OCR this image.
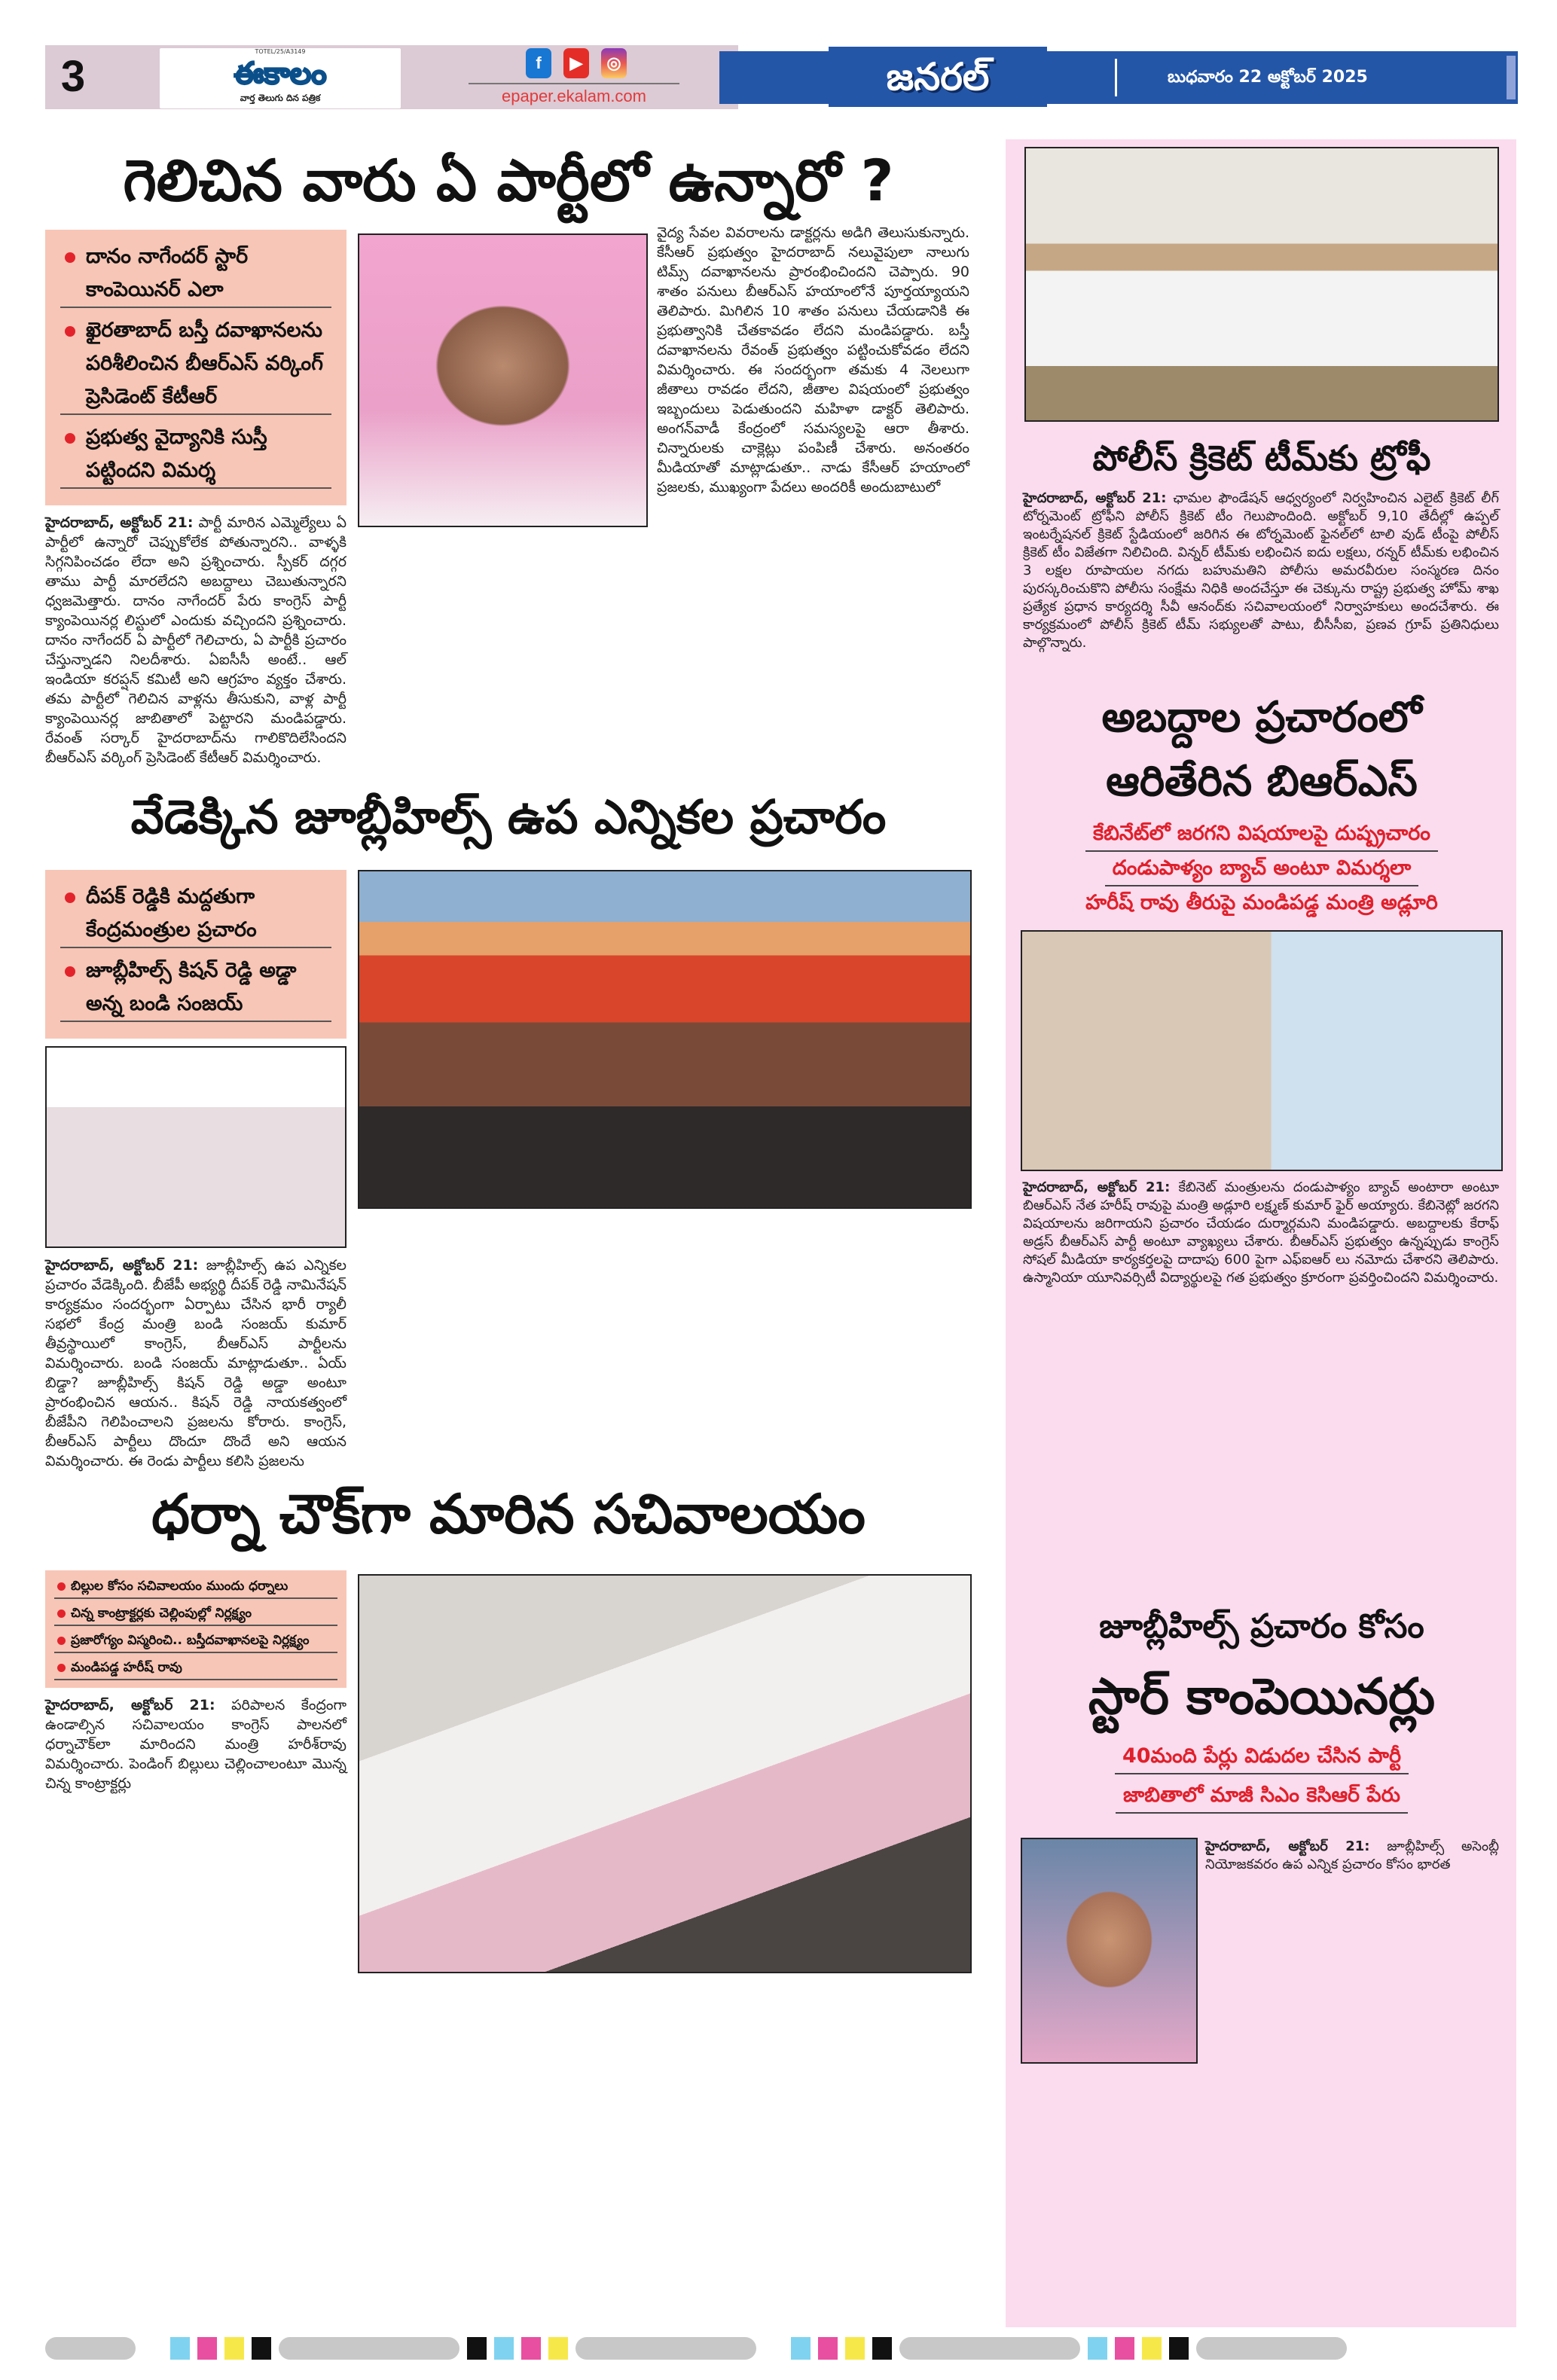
3
TOTEL/25/A3149
ఈకాలం
వార్త తెలుగు దిన పత్రిక
f	▶	◎
epaper.ekalam.com	జనరల్	బుధవారం 22 అక్టోబర్ 2025
గెలిచిన వారు ఏ పార్టీలో ఉన్నారో ?
దానం నాగేందర్ స్టార్ కాంపెయినర్ ఎలా
ఖైరతాబాద్ బస్తీ దవాఖానలను పరిశీలించిన బీఆర్ఎస్ వర్కింగ్ ప్రెసిడెంట్ కేటీఆర్
ప్రభుత్వ వైద్యానికి సుస్తీ పట్టిందని విమర్శ
హైదరాబాద్, అక్టోబర్ 21: పార్టీ మారిన ఎమ్మెల్యేలు ఏ పార్టీలో ఉన్నారో చెప్పుకోలేక పోతున్నారని.. వాళ్ళకి సిగ్గనిపించడం లేదా అని ప్రశ్నించారు. స్పీకర్ దగ్గర తాము పార్టీ మారలేదని అబద్దాలు చెబుతున్నారని ధ్వజమెత్తారు. దానం నాగేందర్ పేరు కాంగ్రెస్ పార్టీ క్యాంపెయినర్ల లిస్టులో ఎందుకు వచ్చిందని ప్రశ్నించారు. దానం నాగేందర్ ఏ పార్టీలో గెలిచారు, ఏ పార్టీకి ప్రచారం చేస్తున్నాడని నిలదీశారు. ఏఐసీసీ అంటే.. ఆల్ ఇండియా కరప్షన్ కమిటీ అని ఆగ్రహం వ్యక్తం చేశారు. తమ పార్టీలో గెలిచిన వాళ్లను తీసుకుని, వాళ్ల పార్టీ క్యాంపెయినర్ల జాబితాలో పెట్టారని మండిపడ్డారు. రేవంత్ సర్కార్ హైదరాబాద్‌ను గాలికొదిలేసిందని బీఆర్ఎస్ వర్కింగ్ ప్రెసిడెంట్ కేటీఆర్ విమర్శించారు.
వైద్య సేవల వివరాలను డాక్టర్లను అడిగి తెలుసుకున్నారు. కేసీఆర్ ప్రభుత్వం హైదరాబాద్ నలువైపులా నాలుగు టిమ్స్ దవాఖానలను ప్రారంభించిందని చెప్పారు. 90 శాతం పనులు బీఆర్ఎస్ హయాంలోనే పూర్తయ్యాయని తెలిపారు. మిగిలిన 10 శాతం పనులు చేయడానికి ఈ ప్రభుత్వానికి చేతకావడం లేదని మండిపడ్డారు. బస్తీ దవాఖానలను రేవంత్ ప్రభుత్వం పట్టించుకోవడం లేదని విమర్శించారు. ఈ సందర్భంగా తమకు 4 నెలలుగా జీతాలు రావడం లేదని, జీతాల విషయంలో ప్రభుత్వం ఇబ్బందులు పెడుతుందని మహిళా డాక్టర్ తెలిపారు. అంగన్‌వాడీ కేంద్రంలో సమస్యలపై ఆరా తీశారు. చిన్నారులకు చాక్లెట్లు పంపిణీ చేశారు. అనంతరం మీడియాతో మాట్లాడుతూ.. నాడు కేసీఆర్ హయాంలో ప్రజలకు, ముఖ్యంగా పేదలు అందరికీ అందుబాటులో
వేడెక్కిన జూబ్లీహిల్స్ ఉప ఎన్నికల ప్రచారం
దీపక్ రెడ్డికి మద్దతుగా కేంద్రమంత్రుల ప్రచారం
జూబ్లీహిల్స్ కిషన్ రెడ్డి అడ్డా అన్న బండి సంజయ్
హైదరాబాద్, అక్టోబర్ 21: జూబ్లీహిల్స్ ఉప ఎన్నికల ప్రచారం వేడెక్కింది. బీజేపీ అభ్యర్థి దీపక్ రెడ్డి నామినేషన్ కార్యక్రమం సందర్భంగా ఏర్పాటు చేసిన భారీ ర్యాలీ సభలో కేంద్ర మంత్రి బండి సంజయ్ కుమార్ తీవ్రస్థాయిలో కాంగ్రెస్, బీఆర్ఎస్ పార్టీలను విమర్శించారు. బండి సంజయ్ మాట్లాడుతూ.. ఏయ్ బిడ్డా? జూబ్లీహిల్స్ కిషన్ రెడ్డి అడ్డా అంటూ ప్రారంభించిన ఆయన.. కిషన్ రెడ్డి నాయకత్వంలో బీజేపీని గెలిపించాలని ప్రజలను కోరారు. కాంగ్రెస్, బీఆర్ఎస్ పార్టీలు దొందూ దొందే అని ఆయన విమర్శించారు. ఈ రెండు పార్టీలు కలిసి ప్రజలను
ధర్నా చౌక్‌గా మారిన సచివాలయం
బిల్లుల కోసం సచివాలయం ముందు ధర్నాలు
చిన్న కాంట్రాక్టర్లకు చెల్లింపుల్లో నిర్లక్ష్యం
ప్రజారోగ్యం విస్మరించి.. బస్తీదవాఖానలపై నిర్లక్ష్యం
మండిపడ్డ హరీష్ రావు
హైదరాబాద్, అక్టోబర్ 21: పరిపాలన కేంద్రంగా ఉండాల్సిన సచివాలయం కాంగ్రెస్ పాలనలో ధర్నాచౌక్‌లా మారిందని మంత్రి హరీశ్‌రావు విమర్శించారు. పెండింగ్ బిల్లులు చెల్లించాలంటూ మొన్న చిన్న కాంట్రాక్టర్లు
పోలీస్ క్రికెట్ టీమ్‌కు ట్రోఫీ
హైదరాబాద్, అక్టోబర్ 21: ఛామల ఫౌండేషన్ ఆధ్వర్యంలో నిర్వహించిన ఎలైట్ క్రికెట్ లీగ్ టోర్నమెంట్ ట్రోఫీని పోలీస్ క్రికెట్ టీం గెలుపొందింది. అక్టోబర్ 9,10 తేదీల్లో ఉప్పల్ ఇంటర్నేషనల్ క్రికెట్ స్టేడియంలో జరిగిన ఈ టోర్నమెంట్ ఫైనల్‌లో టాలి వుడ్ టీంపై పోలీస్ క్రికెట్ టీం విజేతగా నిలిచింది. విన్నర్ టీమ్‌కు లభించిన ఐదు లక్షలు, రన్నర్ టీమ్‌కు లభించిన 3 లక్షల రూపాయల నగదు బహుమతిని పోలీసు అమరవీరుల సంస్మరణ దినం పురస్కరించుకొని పోలీసు సంక్షేమ నిధికి అందచేస్తూ ఈ చెక్కును రాష్ట్ర ప్రభుత్వ హోమ్ శాఖ ప్రత్యేక ప్రధాన కార్యదర్శి సీవీ ఆనంద్‌కు సచివాలయంలో నిర్వాహకులు అందచేశారు. ఈ కార్యక్రమంలో పోలీస్ క్రికెట్ టీమ్ సభ్యులతో పాటు, బీసీసీఐ, ప్రణవ గ్రూప్ ప్రతినిధులు పాల్గొన్నారు.
అబద్దాల ప్రచారంలో
ఆరితేరిన బిఆర్ఎస్
కేబినేట్‌లో జరగని విషయాలపై దుష్ప్రచారం
దండుపాళ్యం బ్యాచ్ అంటూ విమర్శలా
హరీష్ రావు తీరుపై మండిపడ్డ మంత్రి అడ్లూరి
హైదరాబాద్, అక్టోబర్ 21: కేబినెట్ మంత్రులను దండుపాళ్యం బ్యాచ్ అంటారా అంటూ బిఆర్ఎస్ నేత హరీష్ రావుపై మంత్రి అడ్లూరి లక్ష్మణ్ కుమార్ ఫైర్ అయ్యారు. కేబినెట్లో జరగని విషయాలను జరిగాయని ప్రచారం చేయడం దుర్మార్గమని మండిపడ్డారు. అబద్దాలకు కేరాఫ్ అడ్రస్ బీఆర్ఎస్ పార్టీ అంటూ వ్యాఖ్యలు చేశారు. బీఆర్ఎస్ ప్రభుత్వం ఉన్నప్పుడు కాంగ్రెస్ సోషల్ మీడియా కార్యకర్తలపై దాదాపు 600 పైగా ఎఫ్ఐఆర్ లు నమోదు చేశారని తెలిపారు. ఉస్మానియా యూనివర్సిటీ విద్యార్థులపై గత ప్రభుత్వం క్రూరంగా ప్రవర్తించిందని విమర్శించారు.
జూబ్లీహిల్స్ ప్రచారం కోసం
స్టార్ కాంపెయినర్లు
40మంది పేర్లు విడుదల చేసిన పార్టీ
జాబితాలో మాజీ సిఎం కెసిఆర్ పేరు
హైదరాబాద్, అక్టోబర్ 21: జూబ్లీహిల్స్ అసెంబ్లీ నియోజకవరం ఉప ఎన్నిక ప్రచారం కోసం భారత
